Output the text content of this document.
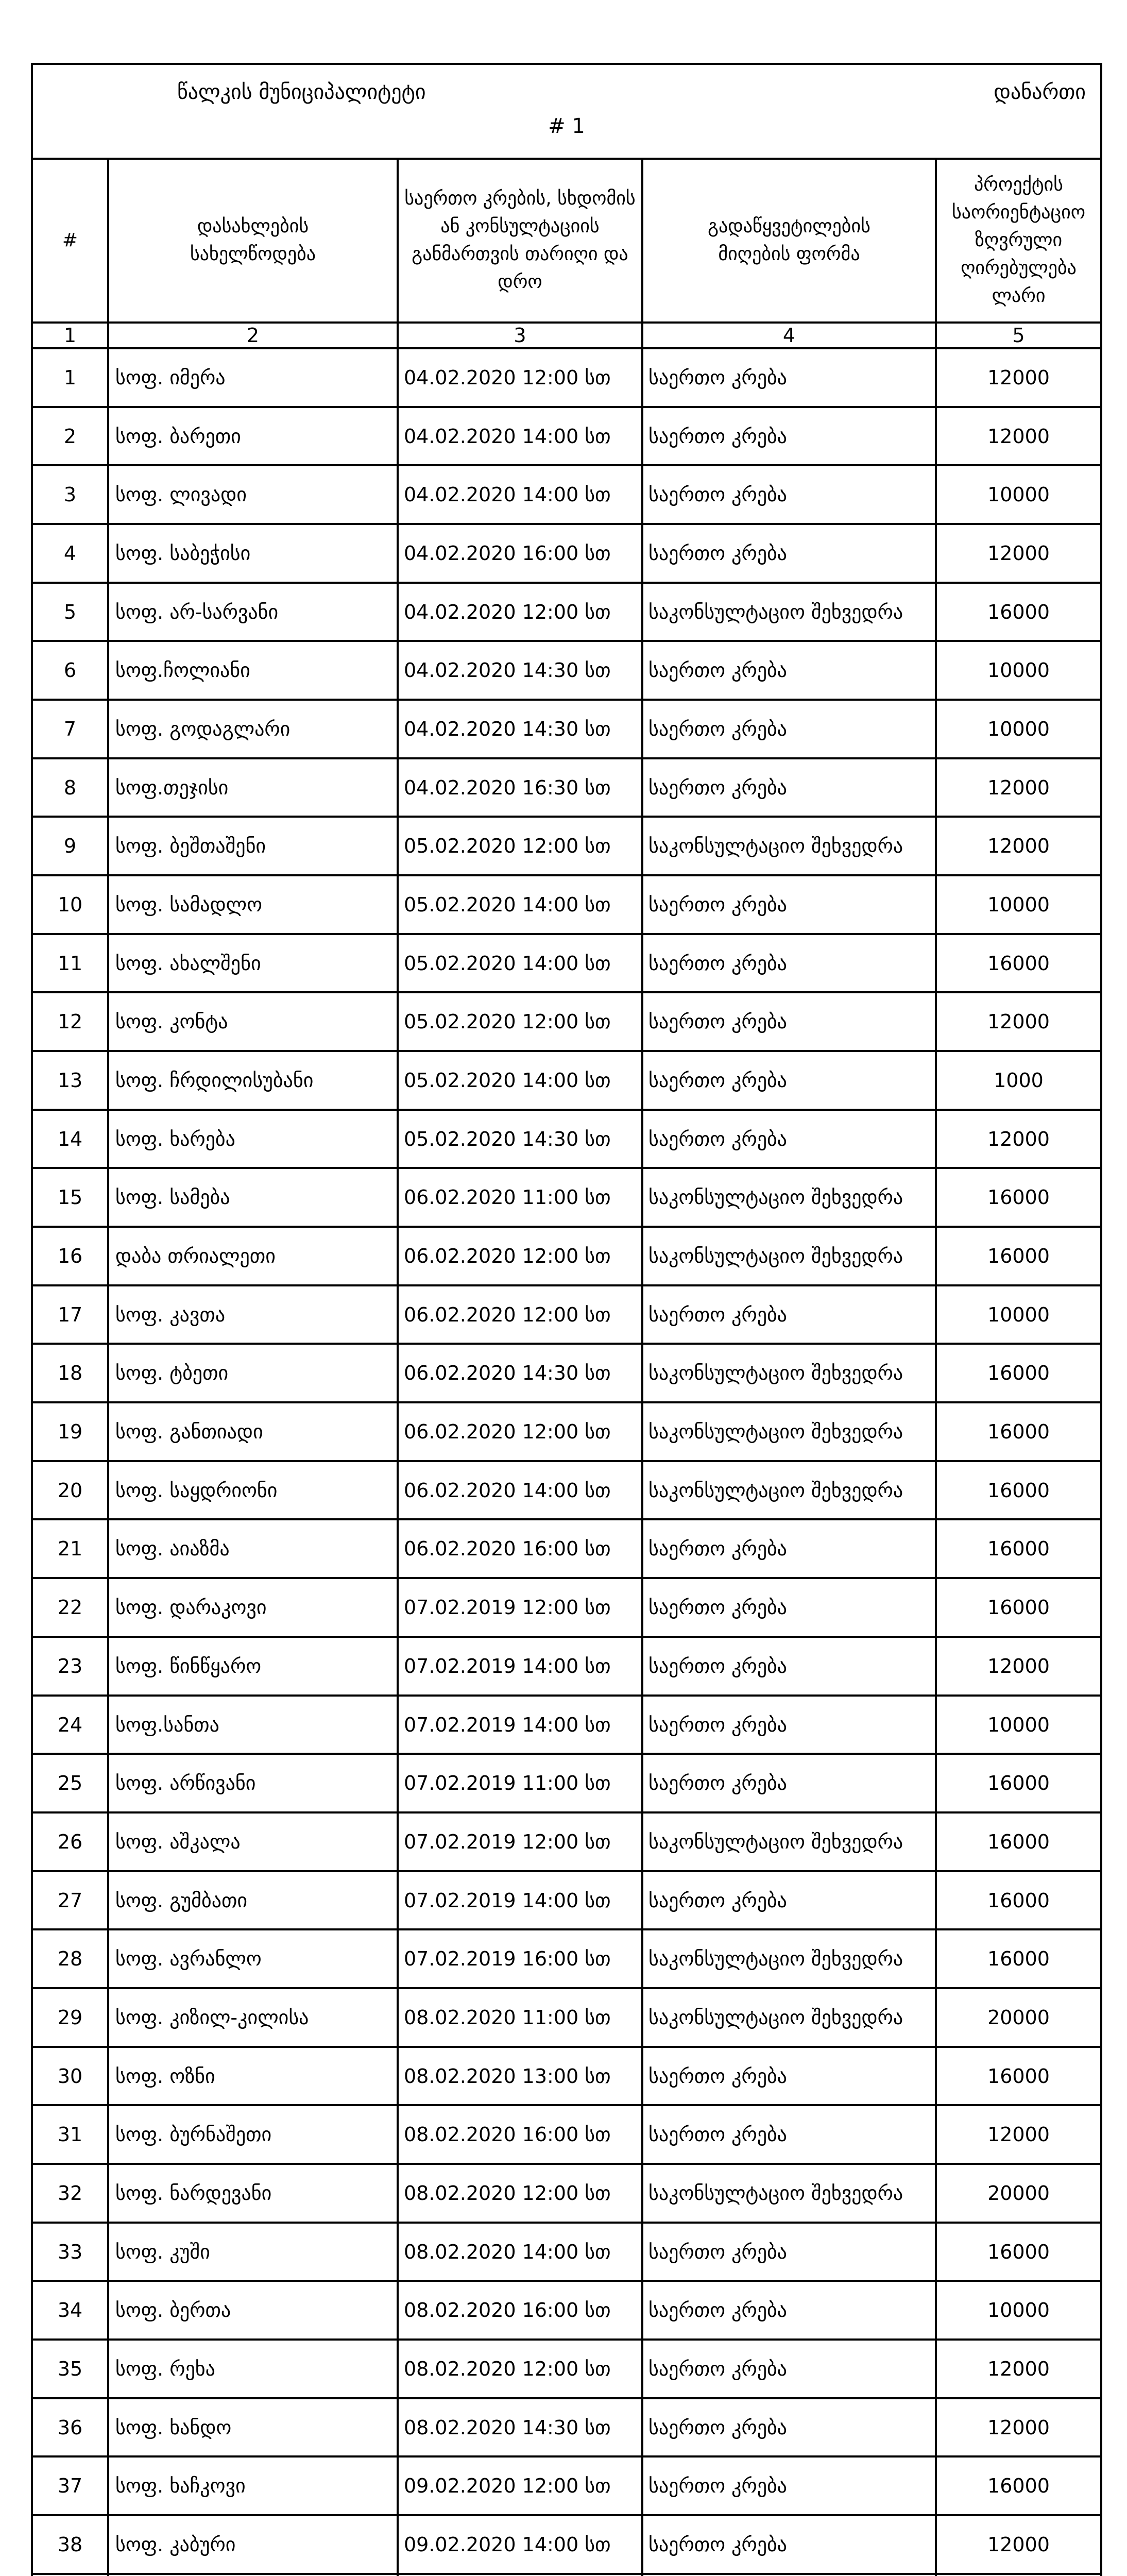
წალკის მუნიციპალიტეტი დანართი
# 1				

#	დასახლების სახელწოდება	საერთო კრების, სხდომის ან კონსულტაციის განმართვის თარიღი და დრო	გადაწყვეტილების მიღების ფორმა	პროექტის საორიენტაციო ზღვრული ღირებულება ლარი

1	2	3	4	5
1	სოფ. იმერა	04.02.2020 12:00 სთ	საერთო კრება	12000
2	სოფ. ბარეთი	04.02.2020 14:00 სთ	საერთო კრება	12000
3	სოფ. ლივადი	04.02.2020 14:00 სთ	საერთო კრება	10000
4	სოფ. საბეჭისი	04.02.2020 16:00 სთ	საერთო კრება	12000
5	სოფ. არ-სარვანი	04.02.2020 12:00 სთ	საკონსულტაციო შეხვედრა	16000
6	სოფ.ჩოლიანი	04.02.2020 14:30 სთ	საერთო კრება	10000
7	სოფ. გოდაგლარი	04.02.2020 14:30 სთ	საერთო კრება	10000
8	სოფ.თეჯისი	04.02.2020 16:30 სთ	საერთო კრება	12000
9	სოფ. ბეშთაშენი	05.02.2020 12:00 სთ	საკონსულტაციო შეხვედრა	12000
10	სოფ. სამადლო	05.02.2020 14:00 სთ	საერთო კრება	10000
11	სოფ. ახალშენი	05.02.2020 14:00 სთ	საერთო კრება	16000
12	სოფ. კონტა	05.02.2020 12:00 სთ	საერთო კრება	12000
13	სოფ. ჩრდილისუბანი	05.02.2020 14:00 სთ	საერთო კრება	1000
14	სოფ. ხარება	05.02.2020 14:30 სთ	საერთო კრება	12000
15	სოფ. სამება	06.02.2020 11:00 სთ	საკონსულტაციო შეხვედრა	16000
16	დაბა თრიალეთი	06.02.2020 12:00 სთ	საკონსულტაციო შეხვედრა	16000
17	სოფ. კავთა	06.02.2020 12:00 სთ	საერთო კრება	10000
18	სოფ. ტბეთი	06.02.2020 14:30 სთ	საკონსულტაციო შეხვედრა	16000
19	სოფ. განთიადი	06.02.2020 12:00 სთ	საკონსულტაციო შეხვედრა	16000
20	სოფ. საყდრიონი	06.02.2020 14:00 სთ	საკონსულტაციო შეხვედრა	16000
21	სოფ. აიაზმა	06.02.2020 16:00 სთ	საერთო კრება	16000
22	სოფ. დარაკოვი	07.02.2019 12:00 სთ	საერთო კრება	16000
23	სოფ. წინწყარო	07.02.2019 14:00 სთ	საერთო კრება	12000
24	სოფ.სანთა	07.02.2019 14:00 სთ	საერთო კრება	10000
25	სოფ. არწივანი	07.02.2019 11:00 სთ	საერთო კრება	16000
26	სოფ. აშკალა	07.02.2019 12:00 სთ	საკონსულტაციო შეხვედრა	16000
27	სოფ. გუმბათი	07.02.2019 14:00 სთ	საერთო კრება	16000
28	სოფ. ავრანლო	07.02.2019 16:00 სთ	საკონსულტაციო შეხვედრა	16000
29	სოფ. კიზილ-კილისა	08.02.2020 11:00 სთ	საკონსულტაციო შეხვედრა	20000
30	სოფ. ოზნი	08.02.2020 13:00 სთ	საერთო კრება	16000
31	სოფ. ბურნაშეთი	08.02.2020 16:00 სთ	საერთო კრება	12000
32	სოფ. ნარდევანი	08.02.2020 12:00 სთ	საკონსულტაციო შეხვედრა	20000
33	სოფ. კუში	08.02.2020 14:00 სთ	საერთო კრება	16000
34	სოფ. ბერთა	08.02.2020 16:00 სთ	საერთო კრება	10000
35	სოფ. რეხა	08.02.2020 12:00 სთ	საერთო კრება	12000
36	სოფ. ხანდო	08.02.2020 14:30 სთ	საერთო კრება	12000
37	სოფ. ხაჩკოვი	09.02.2020 12:00 სთ	საერთო კრება	16000
38	სოფ. კაბური	09.02.2020 14:00 სთ	საერთო კრება	12000
